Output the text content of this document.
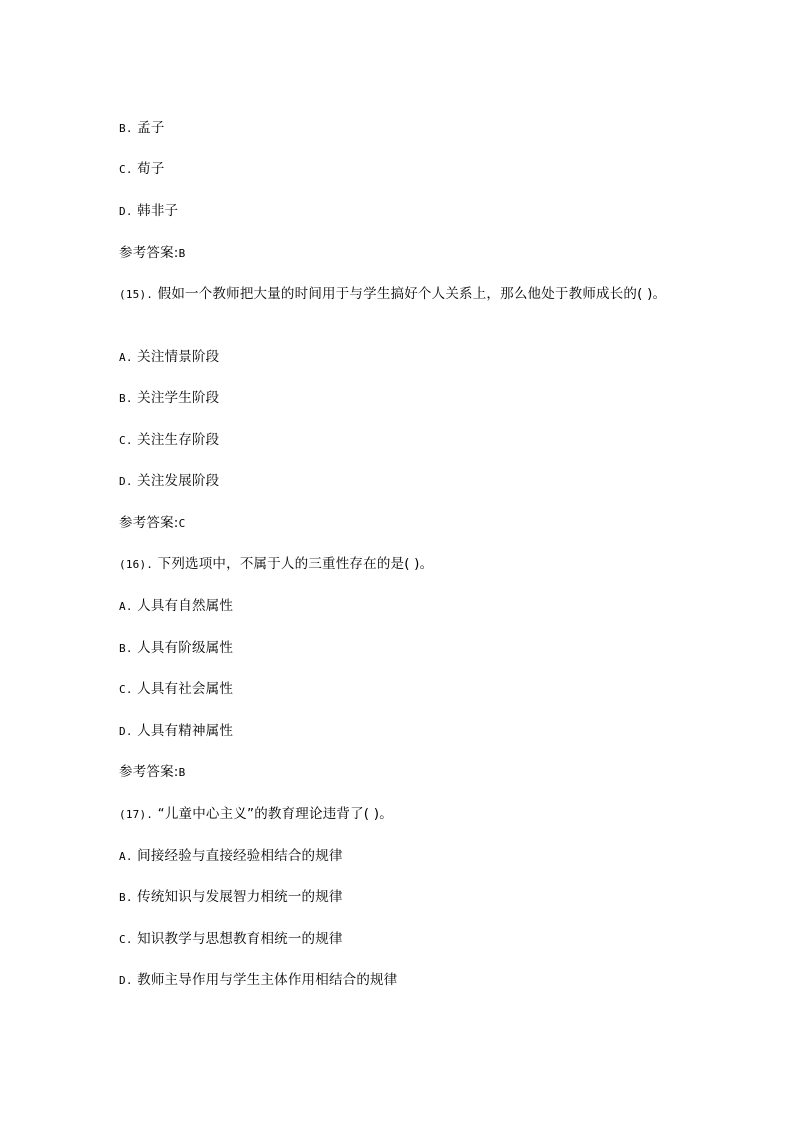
B. 孟子
C. 荀子
D. 韩非子
参考答案:B
(15). 假如一个教师把大量的时间用于与学生搞好个人关系上，那么他处于教师成长的( )。
A. 关注情景阶段
B. 关注学生阶段
C. 关注生存阶段
D. 关注发展阶段
参考答案:C
(16). 下列选项中，不属于人的三重性存在的是( )。
A. 人具有自然属性
B. 人具有阶级属性
C. 人具有社会属性
D. 人具有精神属性
参考答案:B
(17). “儿童中心主义”的教育理论违背了( )。
A. 间接经验与直接经验相结合的规律
B. 传统知识与发展智力相统一的规律
C. 知识教学与思想教育相统一的规律
D. 教师主导作用与学生主体作用相结合的规律
